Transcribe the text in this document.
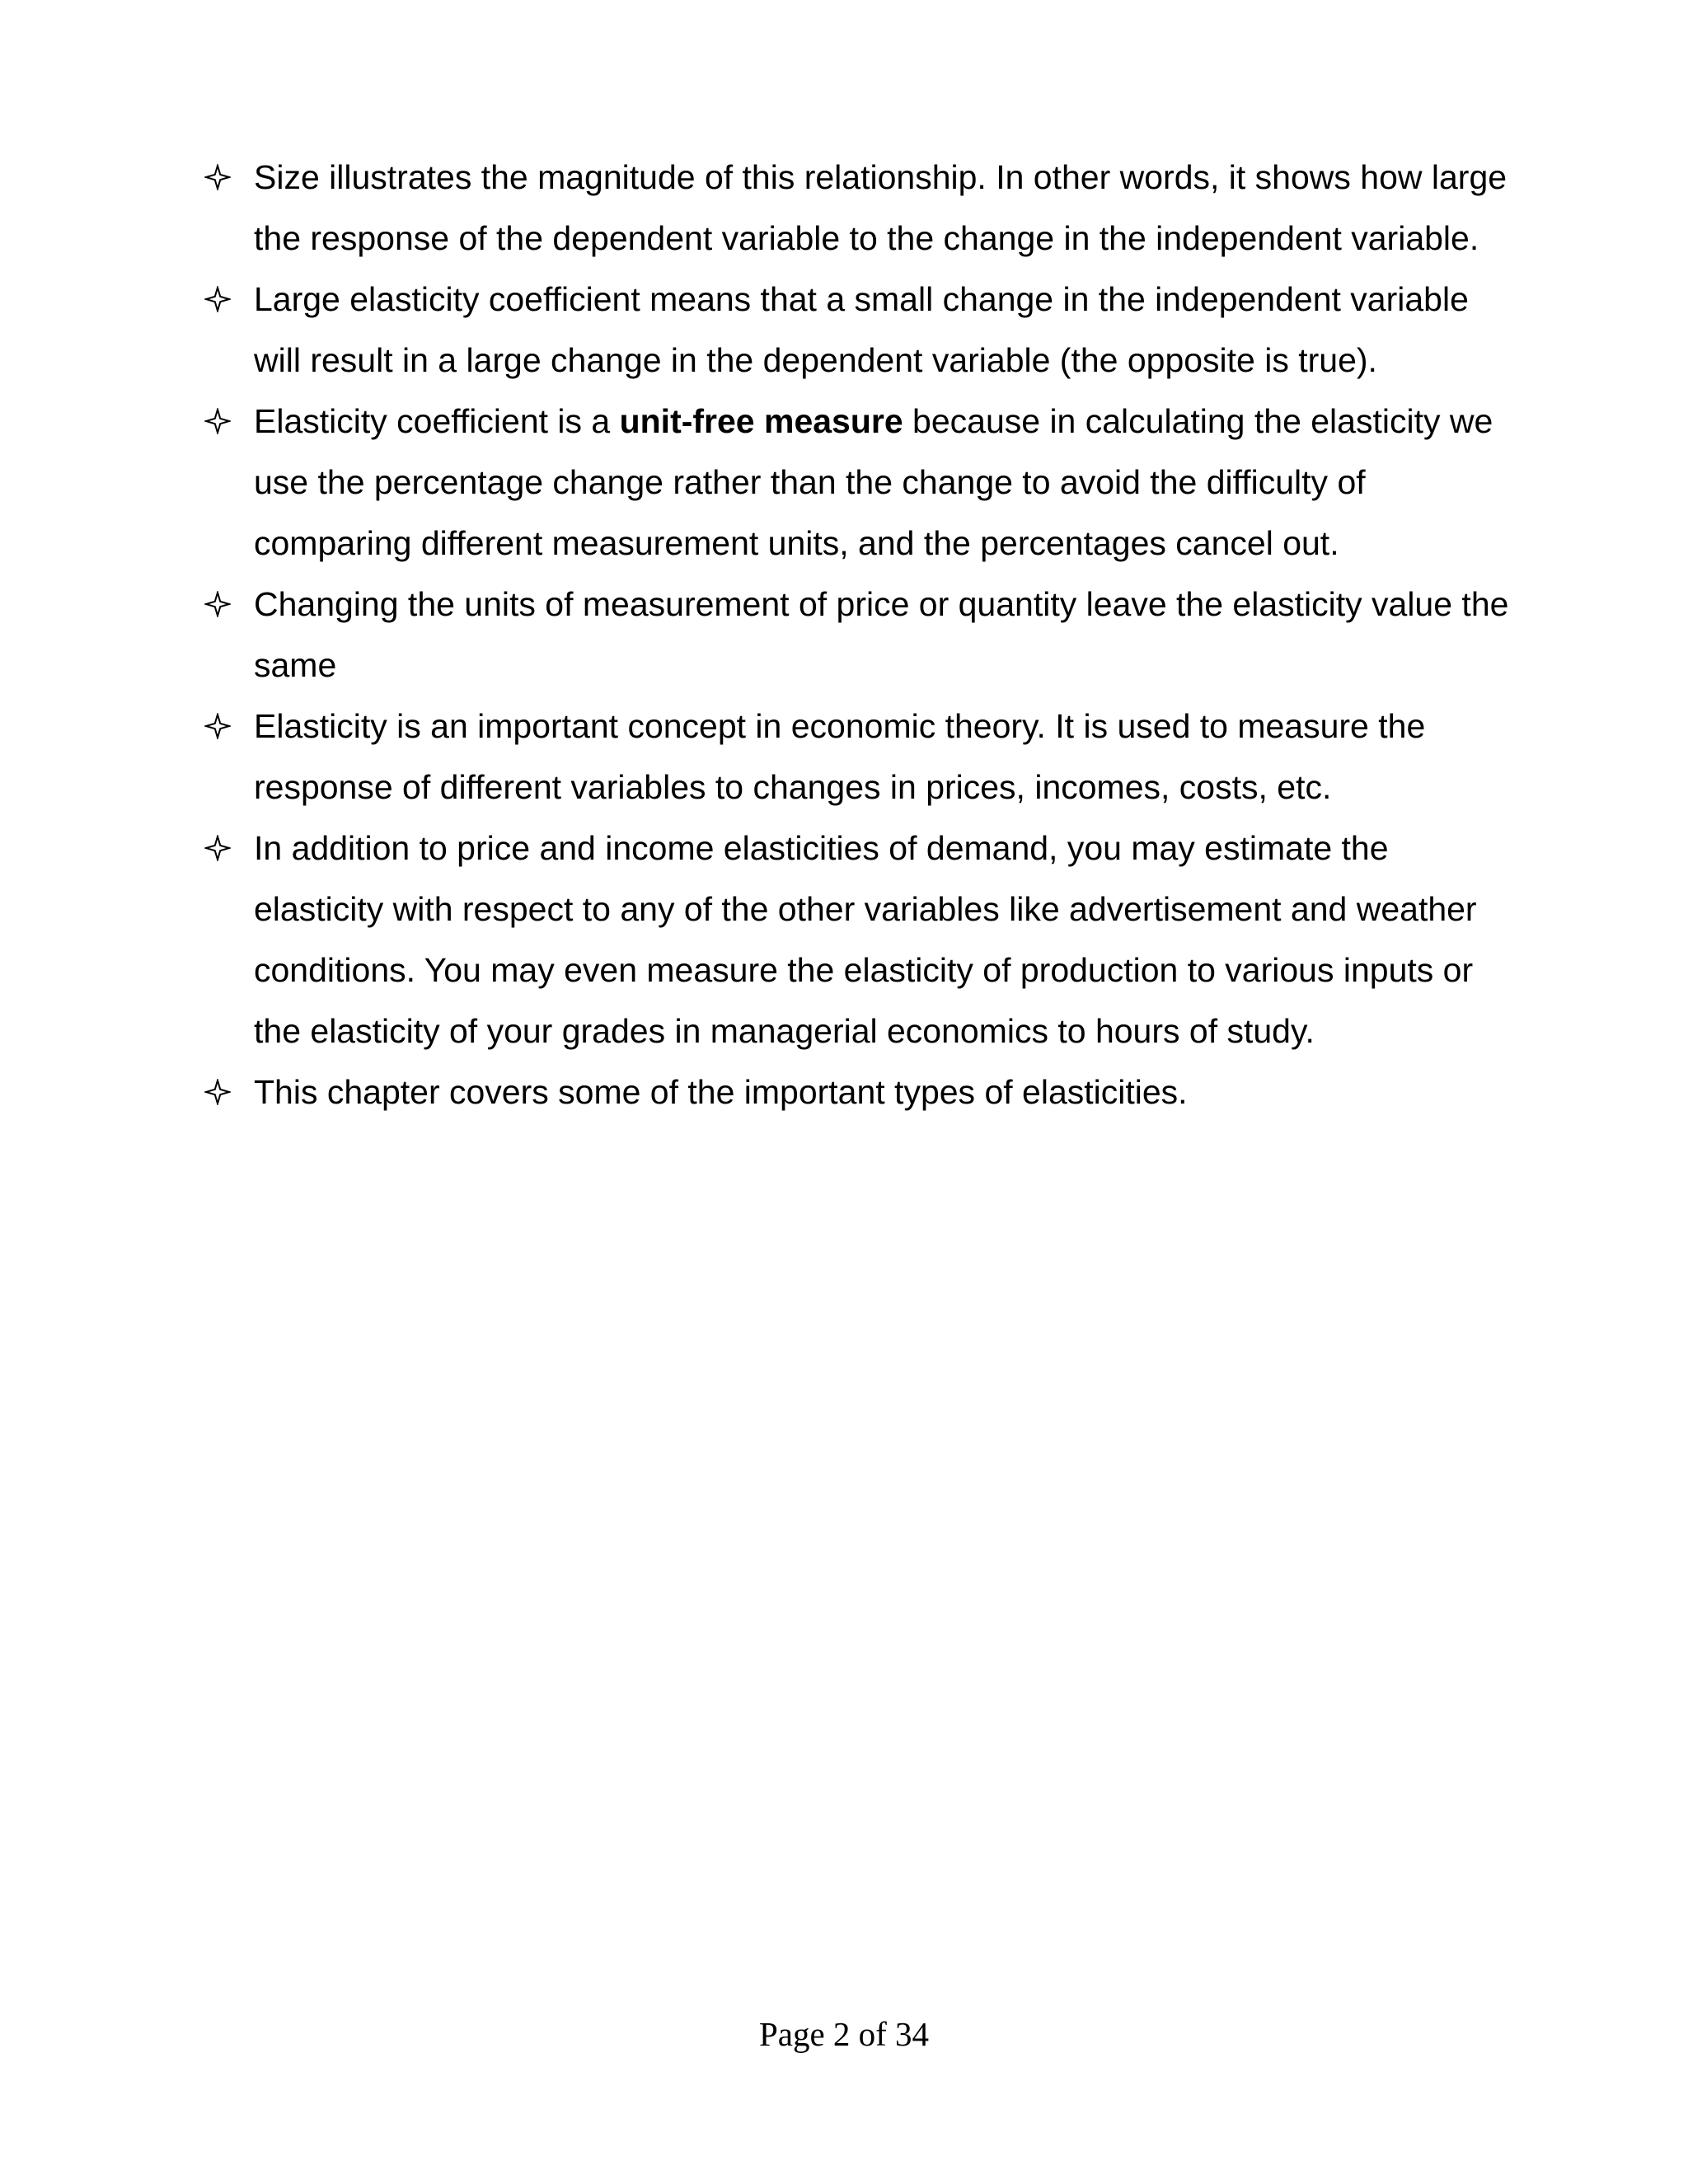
Size illustrates the magnitude of this relationship. In other words, it shows how large the response of the dependent variable to the change in the independent variable.
Large elasticity coefficient means that a small change in the independent variable will result in a large change in the dependent variable (the opposite is true).
Elasticity coefficient is a unit-free measure because in calculating the elasticity we use the percentage change rather than the change to avoid the difficulty of comparing different measurement units, and the percentages cancel out.
Changing the units of measurement of price or quantity leave the elasticity value the same
Elasticity is an important concept in economic theory. It is used to measure the response of different variables to changes in prices, incomes, costs, etc.
In addition to price and income elasticities of demand, you may estimate the elasticity with respect to any of the other variables like advertisement and weather conditions. You may even measure the elasticity of production to various inputs or the elasticity of your grades in managerial economics to hours of study.
This chapter covers some of the important types of elasticities.
Page 2 of 34
